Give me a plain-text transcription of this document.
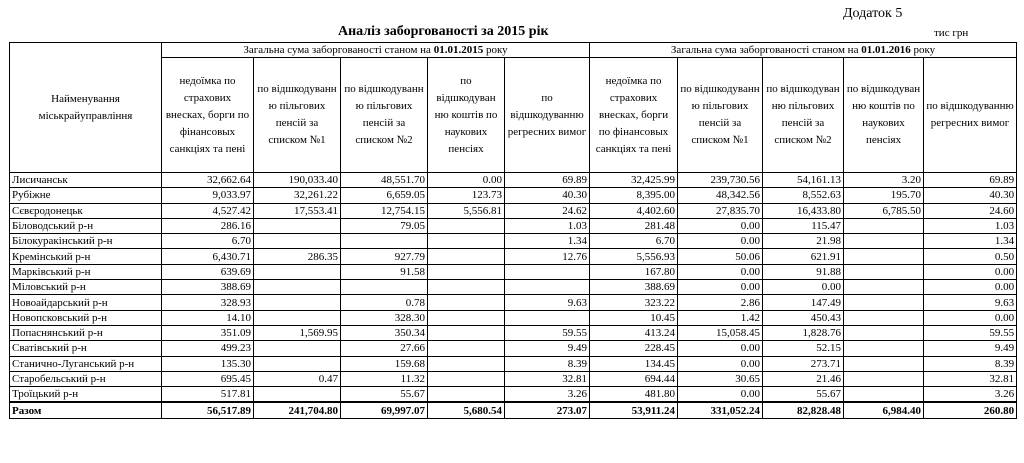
Додаток 5
Аналіз заборгованості за 2015 рік	тис грн
Найменування міськрайуправління	Загальна сума заборгованості станом на 01.01.2015 року					Загальна сума заборгованості станом на 01.01.2016 року				
	недоїмка по страхових внесках, борги по фінансовых санкціях та пені	по відшкодуванн ю пільгових пенсій за списком №1	по відшкодуванн ю пільгових пенсій за списком №2	по відшкодуван ню коштів по наукових пенсіях	по відшкодуванню регресних вимог	недоїмка по страхових внесках, борги по фінансовых санкціях та пені	по відшкодуванн ю пільгових пенсій за списком №1	по відшкодуван ню пільгових пенсій за списком №2	по відшкодуван ню коштів по наукових пенсіях	по відшкодуванню регресних вимог
Лисичанськ	32,662.64	190,033.40	48,551.70	0.00	69.89	32,425.99	239,730.56	54,161.13	3.20	69.89
Рубіжне	9,033.97	32,261.22	6,659.05	123.73	40.30	8,395.00	48,342.56	8,552.63	195.70	40.30
Сєвєродонецьк	4,527.42	17,553.41	12,754.15	5,556.81	24.62	4,402.60	27,835.70	16,433.80	6,785.50	24.60
Біловодський р-н	286.16		79.05		1.03	281.48	0.00	115.47		1.03
Білокуракінський р-н	6.70				1.34	6.70	0.00	21.98		1.34
Кремінський р-н	6,430.71	286.35	927.79		12.76	5,556.93	50.06	621.91		0.50
Марківський р-н	639.69		91.58			167.80	0.00	91.88		0.00
Міловський р-н	388.69					388.69	0.00	0.00		0.00
Новоайдарський р-н	328.93		0.78		9.63	323.22	2.86	147.49		9.63
Новопсковський р-н	14.10		328.30			10.45	1.42	450.43		0.00
Попаснянський р-н	351.09	1,569.95	350.34		59.55	413.24	15,058.45	1,828.76		59.55
Сватівський р-н	499.23		27.66		9.49	228.45	0.00	52.15		9.49
Станично-Луганський р-н	135.30		159.68		8.39	134.45	0.00	273.71		8.39
Старобельський р-н	695.45	0.47	11.32		32.81	694.44	30.65	21.46		32.81
Троїцький р-н	517.81		55.67		3.26	481.80	0.00	55.67		3.26
Разом	56,517.89	241,704.80	69,997.07	5,680.54	273.07	53,911.24	331,052.24	82,828.48	6,984.40	260.80
